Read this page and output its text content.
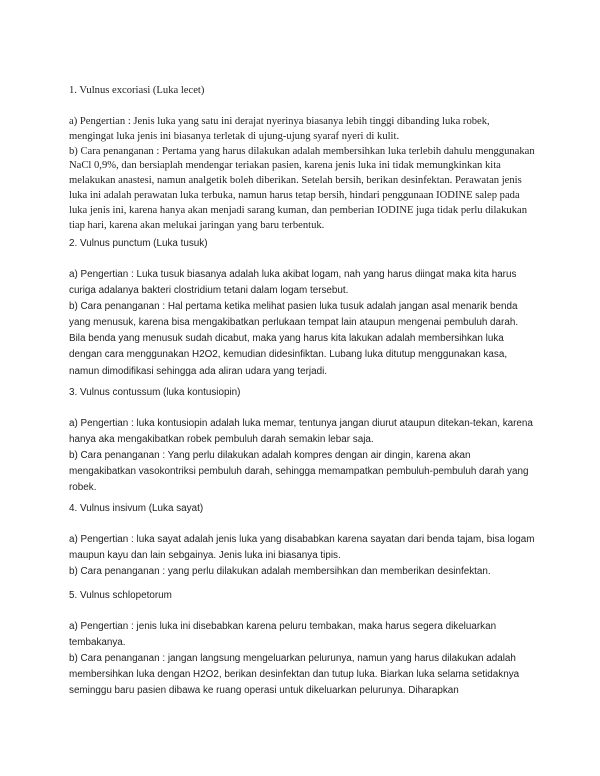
1. Vulnus excoriasi (Luka lecet)

a) Pengertian : Jenis luka yang satu ini derajat nyerinya biasanya lebih tinggi dibanding luka robek, mengingat luka jenis ini biasanya terletak di ujung-ujung syaraf nyeri di kulit.

b) Cara penanganan : Pertama yang harus dilakukan adalah membersihkan luka terlebih dahulu menggunakan NaCl 0,9%, dan bersiaplah mendengar teriakan pasien, karena jenis luka ini tidak memungkinkan kita melakukan anastesi, namun analgetik boleh diberikan. Setelah bersih, berikan desinfektan. Perawatan jenis luka ini adalah perawatan luka terbuka, namun harus tetap bersih, hindari penggunaan IODINE salep pada luka jenis ini, karena hanya akan menjadi sarang kuman, dan pemberian IODINE juga tidak perlu dilakukan tiap hari, karena akan melukai jaringan yang baru terbentuk.

2. Vulnus punctum (Luka tusuk)

a) Pengertian : Luka tusuk biasanya adalah luka akibat logam, nah yang harus diingat maka kita harus curiga adalanya bakteri clostridium tetani dalam logam tersebut.

b) Cara penanganan : Hal pertama ketika melihat pasien luka tusuk adalah jangan asal menarik benda yang menusuk, karena bisa mengakibatkan perlukaan tempat lain ataupun mengenai pembuluh darah. Bila benda yang menusuk sudah dicabut, maka yang harus kita lakukan adalah membersihkan luka dengan cara menggunakan H2O2, kemudian didesinfiktan. Lubang luka ditutup menggunakan kasa, namun dimodifikasi sehingga ada aliran udara yang terjadi.

3. Vulnus contussum (luka kontusiopin)

a) Pengertian : luka kontusiopin adalah luka memar, tentunya jangan diurut ataupun ditekan-tekan, karena hanya aka mengakibatkan robek pembuluh darah semakin lebar saja.

b) Cara penanganan : Yang perlu dilakukan adalah kompres dengan air dingin, karena akan mengakibatkan vasokontriksi pembuluh darah, sehingga memampatkan pembuluh-pembuluh darah yang robek.

4. Vulnus insivum (Luka sayat)

a) Pengertian : luka sayat adalah jenis luka yang disababkan karena sayatan dari benda tajam, bisa logam maupun kayu dan lain sebgainya. Jenis luka ini biasanya tipis.

b) Cara penanganan : yang perlu dilakukan adalah membersihkan dan memberikan desinfektan.

5. Vulnus schlopetorum

a) Pengertian : jenis luka ini disebabkan karena peluru tembakan, maka harus segera dikeluarkan tembakanya.

b) Cara penanganan : jangan langsung mengeluarkan pelurunya, namun yang harus dilakukan adalah membersihkan luka dengan H2O2, berikan desinfektan dan tutup luka. Biarkan luka selama setidaknya seminggu baru pasien dibawa ke ruang operasi untuk dikeluarkan pelurunya. Diharapkan
